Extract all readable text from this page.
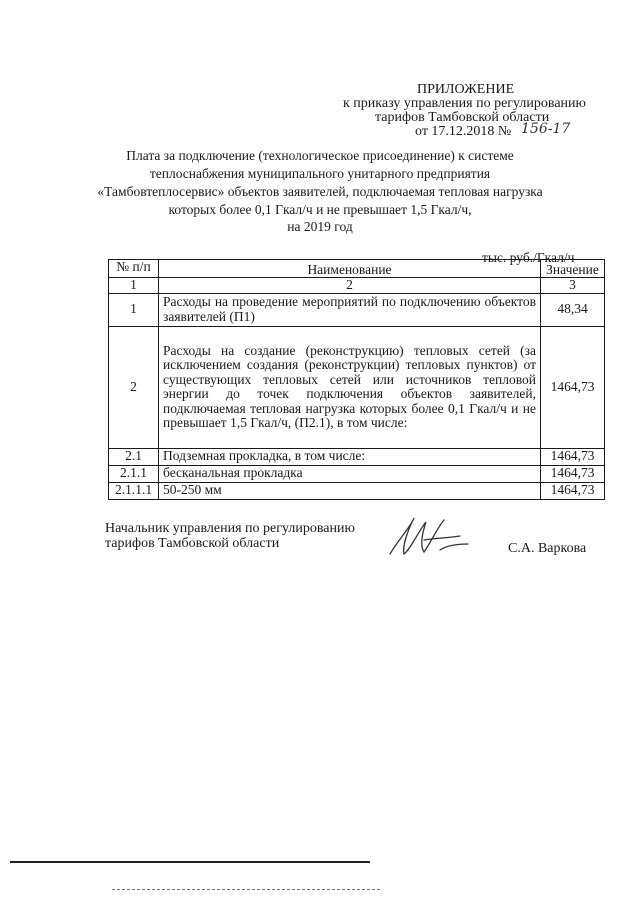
ПРИЛОЖЕНИЕ
к приказу управления по регулированию
тарифов Тамбовской области
от 17.12.2018 № 156-17
Плата за подключение (технологическое присоединение) к системе
теплоснабжения муниципального унитарного предприятия
«Тамбовтеплосервис» объектов заявителей, подключаемая тепловая нагрузка
которых более 0,1 Гкал/ч и не превышает 1,5 Гкал/ч,
на 2019 год
тыс. руб./Гкал/ч
№ п/п	Наименование	Значение
1	2	3
1	Расходы на проведение мероприятий по подключению объектов заявителей (П1)	48,34
2	Расходы на создание (реконструкцию) тепловых сетей (за исключением создания (реконструкции) тепловых пунктов) от существующих тепловых сетей или источников тепловой энергии до точек подключения объектов заявителей, подключаемая тепловая нагрузка которых более 0,1 Гкал/ч и не превышает 1,5 Гкал/ч, (П2.1), в том числе:	1464,73
2.1	Подземная прокладка, в том числе:	1464,73
2.1.1	бесканальная прокладка	1464,73
2.1.1.1	50-250 мм	1464,73
Начальник управления по регулированию
тарифов Тамбовской области	С.А. Варкова
